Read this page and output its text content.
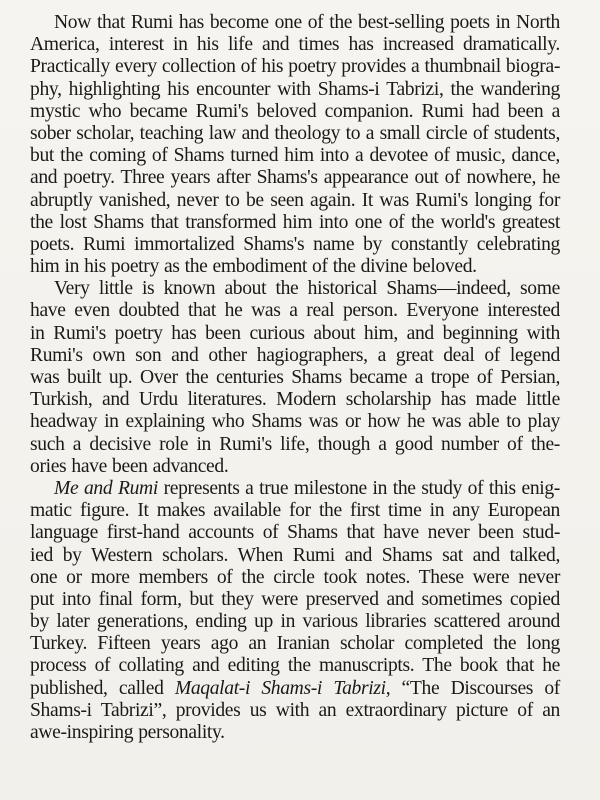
Now that Rumi has become one of the best-selling poets in North
America, interest in his life and times has increased dramatically.
Practically every collection of his poetry provides a thumbnail biogra-
phy, highlighting his encounter with Shams-i Tabrizi, the wandering
mystic who became Rumi's beloved companion. Rumi had been a
sober scholar, teaching law and theology to a small circle of students,
but the coming of Shams turned him into a devotee of music, dance,
and poetry. Three years after Shams's appearance out of nowhere, he
abruptly vanished, never to be seen again. It was Rumi's longing for
the lost Shams that transformed him into one of the world's greatest
poets. Rumi immortalized Shams's name by constantly celebrating
him in his poetry as the embodiment of the divine beloved.
Very little is known about the historical Shams—indeed, some
have even doubted that he was a real person. Everyone interested
in Rumi's poetry has been curious about him, and beginning with
Rumi's own son and other hagiographers, a great deal of legend
was built up. Over the centuries Shams became a trope of Persian,
Turkish, and Urdu literatures. Modern scholarship has made little
headway in explaining who Shams was or how he was able to play
such a decisive role in Rumi's life, though a good number of the-
ories have been advanced.
Me and Rumi represents a true milestone in the study of this enig-
matic figure. It makes available for the first time in any European
language first-hand accounts of Shams that have never been stud-
ied by Western scholars. When Rumi and Shams sat and talked,
one or more members of the circle took notes. These were never
put into final form, but they were preserved and sometimes copied
by later generations, ending up in various libraries scattered around
Turkey. Fifteen years ago an Iranian scholar completed the long
process of collating and editing the manuscripts. The book that he
published, called Maqalat-i Shams-i Tabrizi, “The Discourses of
Shams-i Tabrizi”, provides us with an extraordinary picture of an
awe-inspiring personality.
